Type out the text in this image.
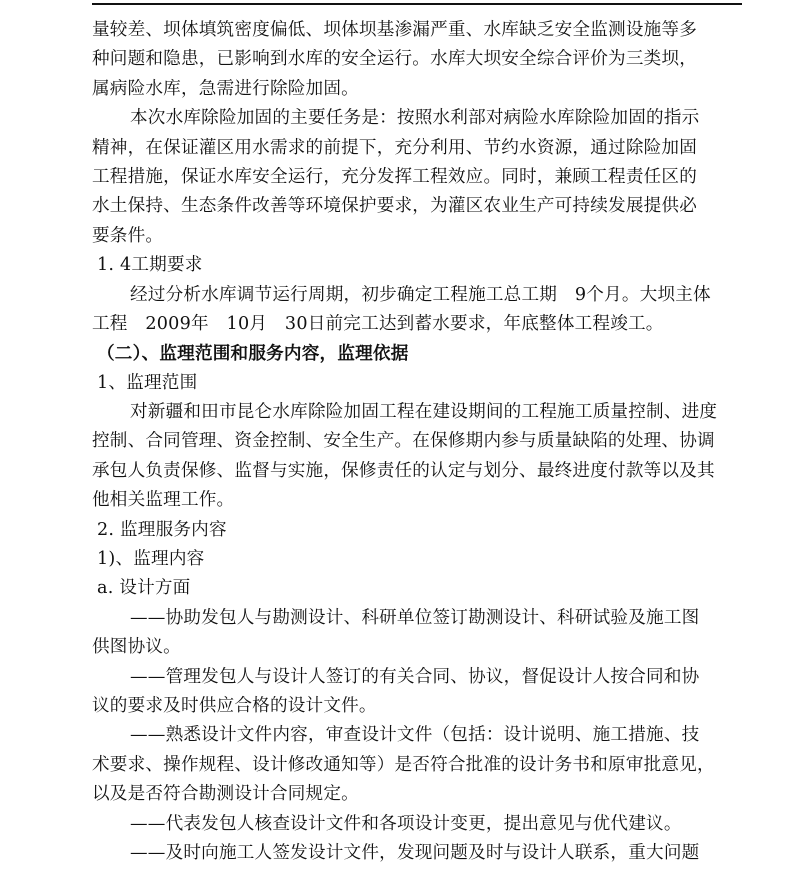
量较差、坝体填筑密度偏低、坝体坝基渗漏严重、水库缺乏安全监测设施等多
种问题和隐患，已影响到水库的安全运行。水库大坝安全综合评价为三类坝，
属病险水库，急需进行除险加固。
本次水库除险加固的主要任务是：按照水利部对病险水库除险加固的指示
精神，在保证灌区用水需求的前提下，充分利用、节约水资源，通过除险加固
工程措施，保证水库安全运行，充分发挥工程效应。同时，兼顾工程责任区的
水土保持、生态条件改善等环境保护要求，为灌区农业生产可持续发展提供必
要条件。
1. 4工期要求
经过分析水库调节运行周期，初步确定工程施工总工期　9个月。大坝主体
工程　2009年　10月　30日前完工达到蓄水要求，年底整体工程竣工。
（二）、监理范围和服务内容，监理依据
1、监理范围
对新疆和田市昆仑水库除险加固工程在建设期间的工程施工质量控制、进度
控制、合同管理、资金控制、安全生产。在保修期内参与质量缺陷的处理、协调
承包人负责保修、监督与实施，保修责任的认定与划分、最终进度付款等以及其
他相关监理工作。
2. 监理服务内容
1)、监理内容
a. 设计方面
——协助发包人与勘测设计、科研单位签订勘测设计、科研试验及施工图
供图协议。
——管理发包人与设计人签订的有关合同、协议，督促设计人按合同和协
议的要求及时供应合格的设计文件。
——熟悉设计文件内容，审查设计文件（包括：设计说明、施工措施、技
术要求、操作规程、设计修改通知等）是否符合批准的设计务书和原审批意见，
以及是否符合勘测设计合同规定。
——代表发包人核查设计文件和各项设计变更，提出意见与优代建议。
——及时向施工人签发设计文件，发现问题及时与设计人联系，重大问题
